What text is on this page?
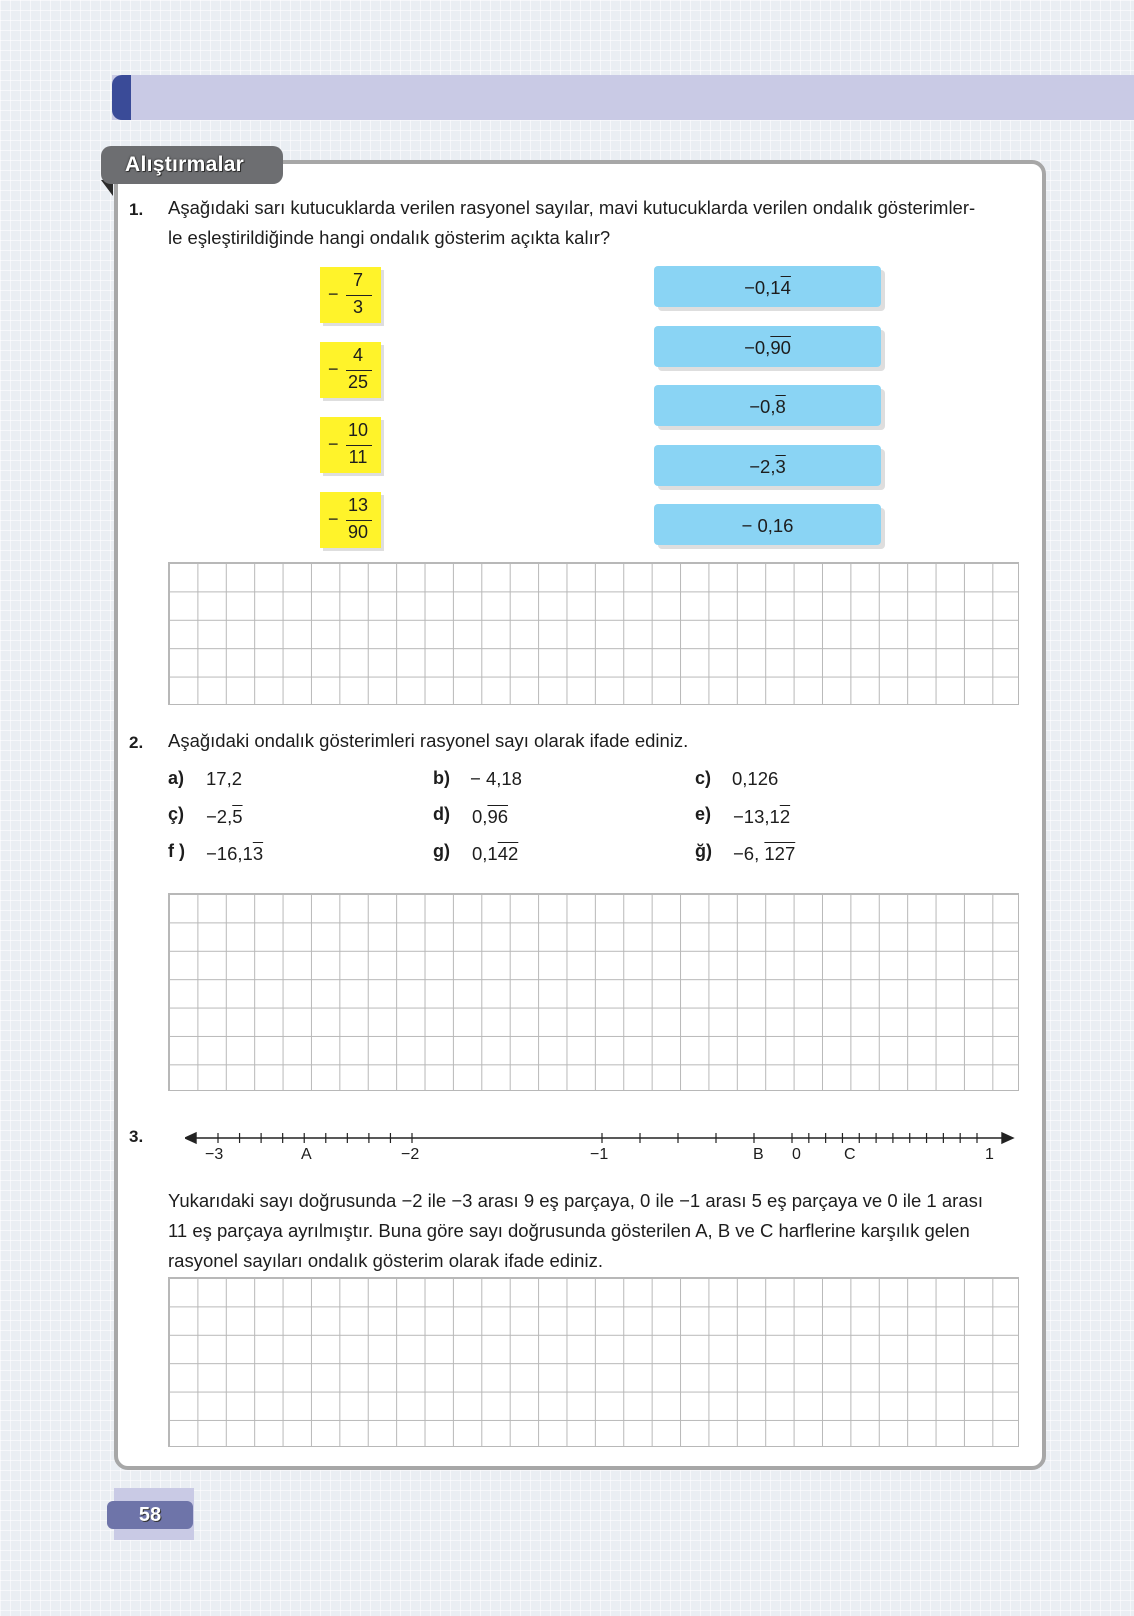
Alıştırmalar
1. Aşağıdaki sarı kutucuklarda verilen rasyonel sayılar, mavi kutucuklarda verilen ondalık gösterimler-
le eşleştirildiğinde hangi ondalık gösterim açıkta kalır?
−
7
3
−
4
25
−
10
11
−
13
90
−0,14
−0,90
−0,8
−2,3
− 0,16
2. Aşağıdaki ondalık gösterimleri rasyonel sayı olarak ifade ediniz.
a) 17,2	b) − 4,18	c) 0,126
ç) −2,5	d) 0,96	e) −13,12
f ) −16,13	g) 0,142	ğ) −6, 127
3.
−3	A	−2	−1	B 0	C	1
Yukarıdaki sayı doğrusunda −2 ile −3 arası 9 eş parçaya, 0 ile −1 arası 5 eş parçaya ve 0 ile 1 arası
11 eş parçaya ayrılmıştır. Buna göre sayı doğrusunda gösterilen A, B ve C harflerine karşılık gelen
rasyonel sayıları ondalık gösterim olarak ifade ediniz.
58
